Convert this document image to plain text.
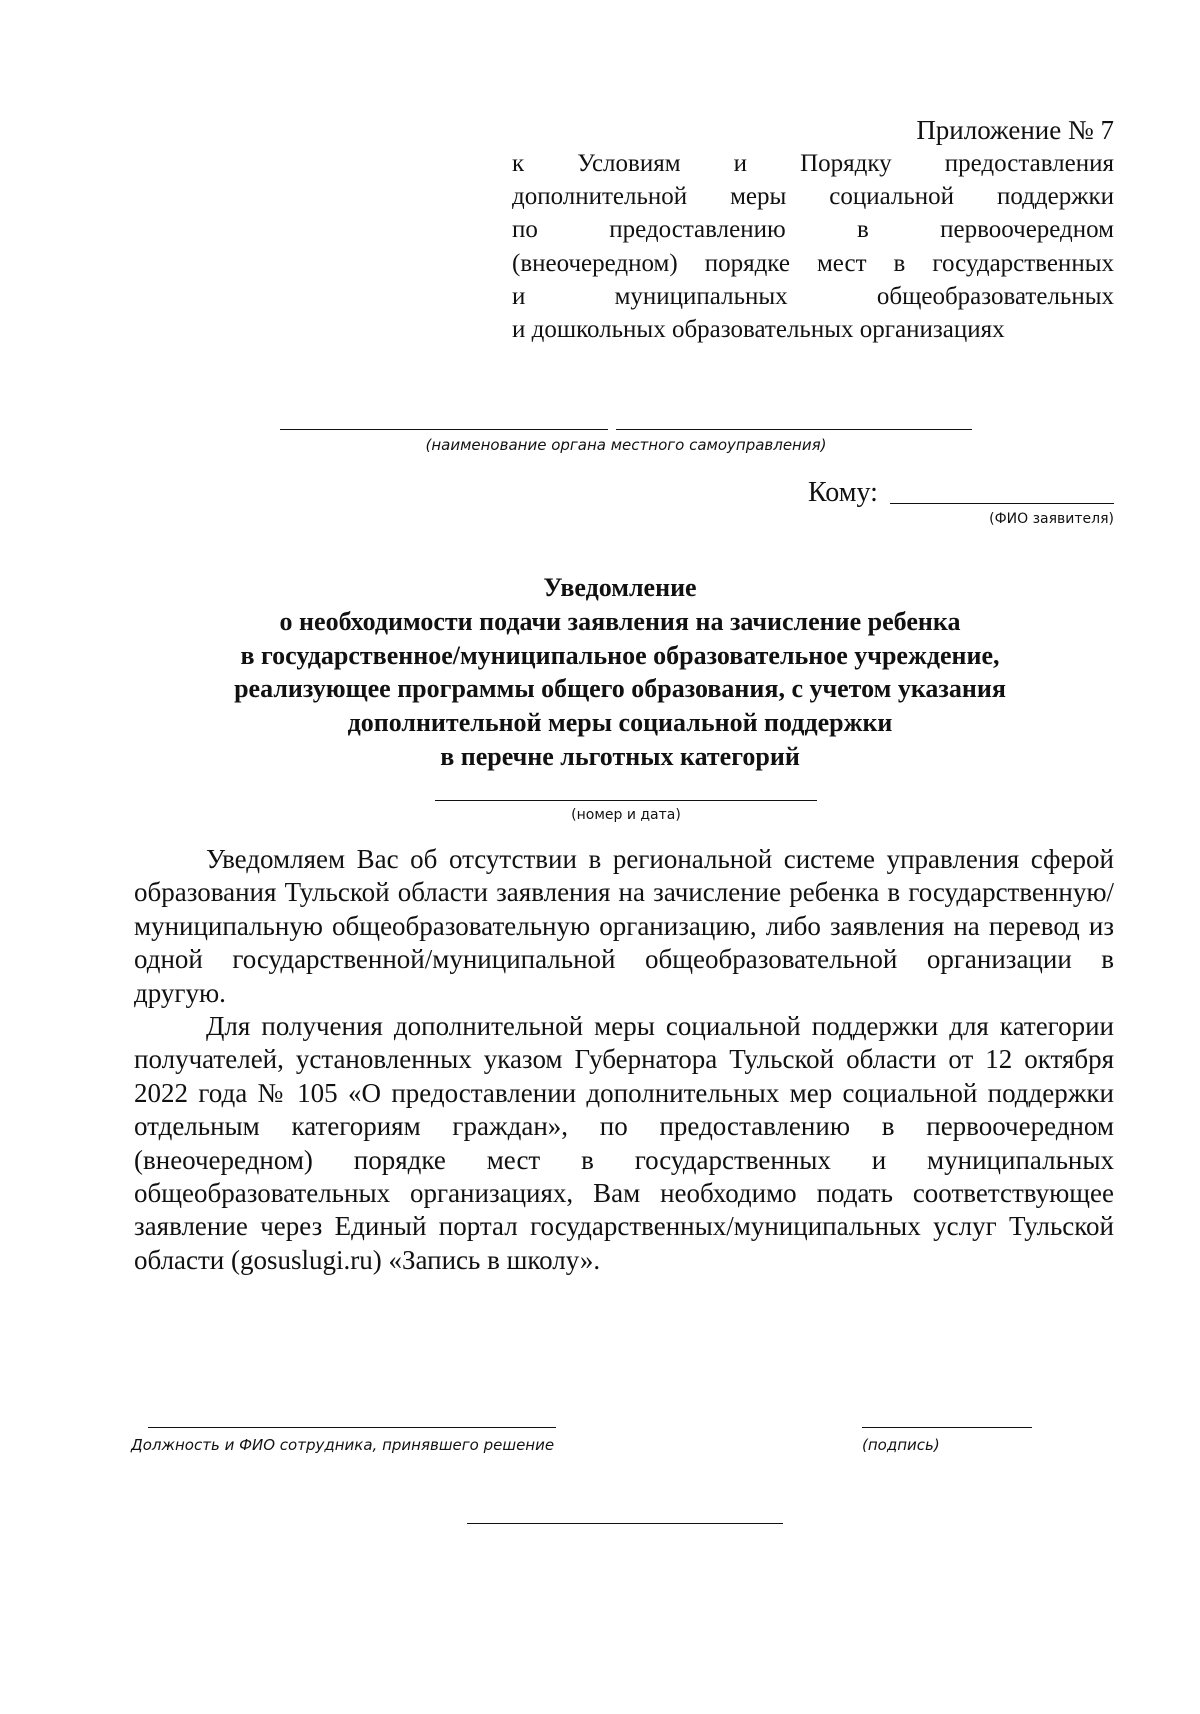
Приложение № 7
к Условиям и Порядку предоставления
дополнительной меры социальной поддержки
по предоставлению в первоочередном
(внеочередном) порядке мест в государственных
и муниципальных общеобразовательных
и дошкольных образовательных организациях
(наименование органа местного самоуправления)
Кому:
(ФИО заявителя)
Уведомление
о необходимости подачи заявления на зачисление ребенка
в государственное/муниципальное образовательное учреждение,
реализующее программы общего образования, с учетом указания
дополнительной меры социальной поддержки
в перечне льготных категорий
(номер и дата)

Уведомляем Вас об отсутствии в региональной системе управления сферой образования Тульской области заявления на зачисление ребенка в государственную/муниципальную общеобразовательную организацию, либо заявления на перевод из одной государственной/муниципальной общеобразовательной организации в другую.

Для получения дополнительной меры социальной поддержки для категории получателей, установленных указом Губернатора Тульской области от 12 октября 2022 года № 105 «О предоставлении дополнительных мер социальной поддержки отдельным категориям граждан», по предоставлению в первоочередном (внеочередном) порядке мест в государственных и муниципальных общеобразовательных организациях, Вам необходимо подать соответствующее заявление через Единый портал государственных/муниципальных услуг Тульской области (gosuslugi.ru) «Запись в школу».

Должность и ФИО сотрудника, принявшего решение	(подпись)
